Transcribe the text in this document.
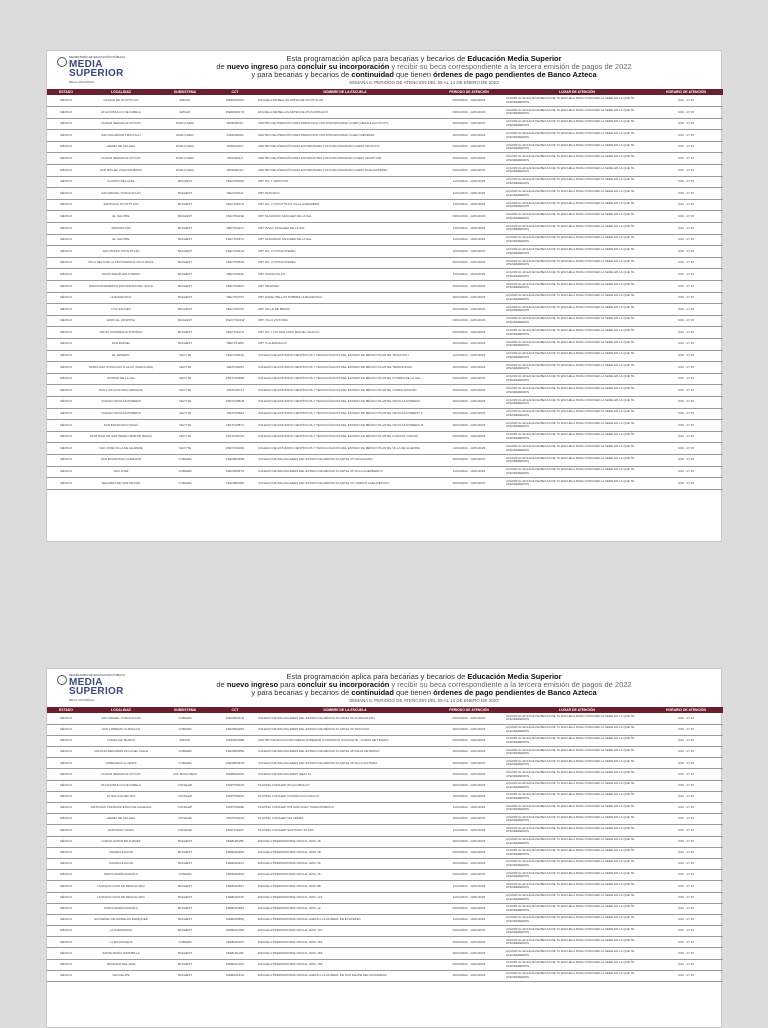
SECRETARÍA DE EDUCACIÓN PÚBLICA
MEDIA
SUPERIOR
BECA UNIVERSAL
Esta programación aplica para becarias y becarios de Educación Media Superior
de nuevo ingreso para concluir su incorporación y recibir su beca correspondiente a la tercera emisión de pagos de 2022
y para becarias y becarios de continuidad que tienen órdenes de pago pendientes de Banco Azteca
SEMANA 6: PERIODO DE ATENCIÓN DEL 09 AL 14 DE ENERO DE 2023
ESTADO	LOCALIDAD	SUBSISTEMA	CCT	NOMBRE DE LA ESCUELA	PERIODO DE ATENCIÓN	LUGAR DE ATENCIÓN	HORARIO DE ATENCIÓN
MÉXICO	CIUDAD DE IXCOTITLAN	EMSAD	15EMS0001O	ESCUELA DE BELLAS ARTES DE IXCOTITLAN	09/01/2023 - 13/01/2023	ACUDIR AL ENLACE DE BECAS DE TU ESCUELA PARA CONOCER LA SEDE EN LA QUE TE ATENDEREMOS	9:00 - 17:15
MÉXICO	ATLACOMULCO DE FABELA	EMSAD	15EMS0017Q	ESCUELA DE BELLAS ARTES DE ATLACOMULCO	09/01/2023 - 13/01/2023	ACUDIR AL ENLACE DE BECAS DE TU ESCUELA PARA CONOCER LA SEDE EN LA QUE TE ATENDEREMOS	9:00 - 17:15
MÉXICO	CIUDAD NEZAHUALCÓYOTL	DGB (CAED)	15DDI0001C	CENTRO DE ATENCIÓN PARA PERSONAS CON DISCAPACIDAD (CAED) NEZAHUALCÓYOTL	09/01/2023 - 13/01/2023	ACUDIR AL ENLACE DE BECAS DE TU ESCUELA PARA CONOCER LA SEDE EN LA QUE TE ATENDEREMOS	9:00 - 17:15
MÉXICO	SAN SALVADOR TIZATLALLI	DGB (CAED)	15DDI0006X	CENTRO DE ATENCIÓN PARA PERSONAS CON DISCAPACIDAD (CAED) METEPEC	09/01/2023 - 13/01/2023	ACUDIR AL ENLACE DE BECAS DE TU ESCUELA PARA CONOCER LA SEDE EN LA QUE TE ATENDEREMOS	9:00 - 17:15
MÉXICO	LERMA DE VILLADA	DGB (CAED)	15DDI0010J	CENTRO DE ATENCIÓN PARA ESTUDIANTES CON DISCAPACIDAD (CAED) CETIS 074	09/01/2023 - 13/01/2023	ACUDIR AL ENLACE DE BECAS DE TU ESCUELA PARA CONOCER LA SEDE EN LA QUE TE ATENDEREMOS	9:00 - 17:15
MÉXICO	CIUDAD NEZAHUALCÓYOTL	DGB (CAED)	15DDI0011I	CENTRO DE ATENCIÓN PARA ESTUDIANTES CON DISCAPACIDAD (CAED) CECATI 096	09/01/2023 - 13/01/2023	ACUDIR AL ENLACE DE BECAS DE TU ESCUELA PARA CONOCER LA SEDE EN LA QUE TE ATENDEREMOS	9:00 - 17:15
MÉXICO	SAN MIGUEL ZINACANTEPEC	DGB (CAED)	15DDI0012H	CENTRO DE ATENCIÓN PARA ESTUDIANTES CON DISCAPACIDAD (CAED) ZINACANTEPEC	09/01/2023 - 13/01/2023	ACUDIR AL ENLACE DE BECAS DE TU ESCUELA PARA CONOCER LA SEDE EN LA QUE TE ATENDEREMOS	9:00 - 17:15
MÉXICO	CUARTO DEL ALBA	BACHEST	15ECT0005A	CBT NO. 1 TEXCOCO	11/01/2023 - 13/01/2023	ACUDIR AL ENLACE DE BECAS DE TU ESCUELA PARA CONOCER LA SEDE EN LA QUE TE ATENDEREMOS	9:00 - 17:15
MÉXICO	SAN MIGUEL XONACATLÁN	BACHEST	15ECT0011L	CBT TEXCOCO	11/01/2023 - 13/01/2023	ACUDIR AL ENLACE DE BECAS DE TU ESCUELA PARA CONOCER LA SEDE EN LA QUE TE ATENDEREMOS	9:00 - 17:15
MÉXICO	SANTIAGO OXTOTITLÁN	BACHEST	15ECT0017G	CBT NO. 2 OXTOTITLÁN VILLA GUERRERO	11/01/2023 - 13/01/2023	ACUDIR AL ENLACE DE BECAS DE TU ESCUELA PARA CONOCER LA SEDE EN LA QUE TE ATENDEREMOS	9:00 - 17:15
MÉXICO	EL SALITRE	BACHEST	15ECT0019E	CBT SALVADOR SÁNCHEZ DE LA SAL	09/01/2023 - 13/01/2023	ACUDIR AL ENLACE DE BECAS DE TU ESCUELA PARA CONOCER LA SEDE EN LA QUE TE ATENDEREMOS	9:00 - 17:15
MÉXICO	ARMADITLÁN	BACHEST	15ECT0021T	CBT ISAAC SÁNCHEZ DE LA SAL	11/01/2023 - 13/01/2023	ACUDIR AL ENLACE DE BECAS DE TU ESCUELA PARA CONOCER LA SEDE EN LA QUE TE ATENDEREMOS	9:00 - 17:15
MÉXICO	EL SALITRE	BACHEST	15ECT0037U	CBT SALVADOR SÁNCHEZ DE LA SAL	11/01/2023 - 13/01/2023	ACUDIR AL ENLACE DE BECAS DE TU ESCUELA PARA CONOCER LA SEDE EN LA QUE TE ATENDEREMOS	9:00 - 17:15
MÉXICO	SAN MATEO OXTOTITLÁN	BACHEST	15ECT0041H	CBT NO. 2 OTZOLOTEPEC	10/01/2023 - 13/01/2023	ACUDIR AL ENLACE DE BECAS DE TU ESCUELA PARA CONOCER LA SEDE EN LA QUE TE ATENDEREMOS	9:00 - 17:15
MÉXICO	VILLA SECA DE LA PROVIDENCIA VILLA NICOL	BACHEST	15ECT0052N	CBT NO. 3 OTZOLOTEPEC	09/01/2023 - 13/01/2023	ACUDIR AL ENLACE DE BECAS DE TU ESCUELA PARA CONOCER LA SEDE EN LA QUE TE ATENDEREMOS	9:00 - 17:15
MÉXICO	SANTA MARÍA ZOLOTEPEC	BACHEST	15ECT0064F	CBT XONACATLÁN	11/01/2023 - 13/01/2023	ACUDIR AL ENLACE DE BECAS DE TU ESCUELA PARA CONOCER LA SEDE EN LA QUE TE ATENDEREMOS	9:00 - 17:15
MÉXICO	FRACCIONAMIENTO ESCONDIDA DEL VALLE	BACHEST	15ECT0069U	CBT TENOSHA	09/01/2023 - 13/01/2023	ACUDIR AL ENLACE DE BECAS DE TU ESCUELA PARA CONOCER LA SEDE EN LA QUE TE ATENDEREMOS	9:00 - 17:15
MÉXICO	HUEHUETOCA	BACHEST	15ECT0073T	CBT ANGEL BELLOS POBRES HUEHUETOCA	09/01/2023 - 13/01/2023	ACUDIR AL ENLACE DE BECAS DE TU ESCUELA PARA CONOCER LA SEDE EN LA QUE TE ATENDEREMOS	9:00 - 17:15
MÉXICO	LOS SAUCES	BACHEST	15ECT0075V	CBT VALLE DE BRAVO	10/01/2023 - 13/01/2023	ACUDIR AL ENLACE DE BECAS DE TU ESCUELA PARA CONOCER LA SEDE EN LA QUE TE ATENDEREMOS	9:00 - 17:15
MÉXICO	EJIDO EL HOSPITAL	BACHEST	15ECT0101W	CBT VILLA VICTORIA	09/01/2023 - 13/01/2023	ACUDIR AL ENLACE DE BECAS DE TU ESCUELA PARA CONOCER LA SEDE EN LA QUE TE ATENDEREMOS	9:00 - 17:15
MÉXICO	SANTA CATARINA AYOTZINGO	BACHEST	15ECT0117O	CBT NO. 1 NO NAN CHIKI MIGUEL CHALCO	09/01/2023 - 13/01/2023	ACUDIR AL ENLACE DE BECAS DE TU ESCUELA PARA CONOCER LA SEDE EN LA QUE TE ATENDEREMOS	9:00 - 17:15
MÉXICO	SAN RAFAEL	BACHEST	15ECT0118Z	CBT TLALMANALCO	09/01/2023 - 13/01/2023	ACUDIR AL ENLACE DE BECAS DE TU ESCUELA PARA CONOCER LA SEDE EN LA QUE TE ATENDEREMOS	9:00 - 17:15
MÉXICO	EL ROSEDO	CECYTE	15ECT0013A	COLEGIO DE ESTUDIOS CIENTÍFICOS Y TECNOLÓGICOS DEL ESTADO DE MÉXICO PLANTEL TEXCOCO I	11/01/2023 - 13/01/2023	ACUDIR AL ENLACE DE BECAS DE TU ESCUELA PARA CONOCER LA SEDE EN LA QUE TE ATENDEREMOS	9:00 - 17:15
MÉXICO	SANTA ANA OTZACUAUTLALCO (SANTA ANA)	CECYTE	15ETC0035J	COLEGIO DE ESTUDIOS CIENTÍFICOS Y TECNOLÓGICOS DEL ESTADO DE MÉXICO PLANTEL TENANCINGO	09/01/2023 - 13/01/2023	ACUDIR AL ENLACE DE BECAS DE TU ESCUELA PARA CONOCER LA SEDE EN LA QUE TE ATENDEREMOS	9:00 - 17:15
MÉXICO	IXTAPAN DE LA SAL	CECYTE	15ETC0038B	COLEGIO DE ESTUDIOS CIENTÍFICOS Y TECNOLÓGICOS DEL ESTADO DE MÉXICO PLANTEL IXTAPAN DE LA SAL	09/01/2023 - 13/01/2023	ACUDIR AL ENLACE DE BECAS DE TU ESCUELA PARA CONOCER LA SEDE EN LA QUE TE ATENDEREMOS	9:00 - 17:15
MÉXICO	SAN LUIS (COLONIA HIDALGO)	CECYTE	15ETC0071J	COLEGIO DE ESTUDIOS CIENTÍFICOS Y TECNOLÓGICOS DEL ESTADO DE MÉXICO PLANTEL CHIMALHUACÁN	09/01/2023 - 13/01/2023	ACUDIR AL ENLACE DE BECAS DE TU ESCUELA PARA CONOCER LA SEDE EN LA QUE TE ATENDEREMOS	9:00 - 17:15
MÉXICO	CIUDAD NICOLÁS ROMERO	CECYTE	15ETC0081M	COLEGIO DE ESTUDIOS CIENTÍFICOS Y TECNOLÓGICOS DEL ESTADO DE MÉXICO PLANTEL NICOLÁS ROMERO	09/01/2023 - 13/01/2023	ACUDIR AL ENLACE DE BECAS DE TU ESCUELA PARA CONOCER LA SEDE EN LA QUE TE ATENDEREMOS	9:00 - 17:15
MÉXICO	CIUDAD NICOLÁS ROMERO	CECYTE	15ETC0082J	COLEGIO DE ESTUDIOS CIENTÍFICOS Y TECNOLÓGICOS DEL ESTADO DE MÉXICO PLANTEL NICOLÁS ROMERO II	09/01/2023 - 13/01/2023	ACUDIR AL ENLACE DE BECAS DE TU ESCUELA PARA CONOCER LA SEDE EN LA QUE TE ATENDEREMOS	9:00 - 17:15
MÉXICO	SAN FRANCISCO MAGÚ	CECYTE	15ETC0087U	COLEGIO DE ESTUDIOS CIENTÍFICOS Y TECNOLÓGICOS DEL ESTADO DE MÉXICO PLANTEL NICOLÁS ROMERO III	09/01/2023 - 13/01/2023	ACUDIR AL ENLACE DE BECAS DE TU ESCUELA PARA CONOCER LA SEDE EN LA QUE TE ATENDEREMOS	9:00 - 17:15
MÉXICO	SANTIAGO DE SAN PEDRO MÁRTIR (BADÚ)	CECYTE	15ETC0107S	COLEGIO DE ESTUDIOS CIENTÍFICOS Y TECNOLÓGICOS DEL ESTADO DE MÉXICO PLANTEL IGNACIO CUEVAS	09/01/2023 - 13/01/2023	ACUDIR AL ENLACE DE BECAS DE TU ESCUELA PARA CONOCER LA SEDE EN LA QUE TE ATENDEREMOS	9:00 - 17:15
MÉXICO	SAN JOSÉ VILLA DE ALLENDE	CECYTE	15ETC0108Q	COLEGIO DE ESTUDIOS CIENTÍFICOS Y TECNOLÓGICOS DEL ESTADO DE MÉXICO PLANTEL VILLA DE ALLENDE	11/01/2023 - 13/01/2023	ACUDIR AL ENLACE DE BECAS DE TU ESCUELA PARA CONOCER LA SEDE EN LA QUE TE ATENDEREMOS	9:00 - 17:15
MÉXICO	SAN FRANCISCO CHIMALPA	COBAEM	15ECB0019B	COLEGIO DE BACHILLERES DEL ESTADO DE MÉXICO PLANTEL 37 NAUCALPAN	09/01/2023 - 13/01/2023	ACUDIR AL ENLACE DE BECAS DE TU ESCUELA PARA CONOCER LA SEDE EN LA QUE TE ATENDEREMOS	9:00 - 17:15
MÉXICO	SAN JOSÉ	COBAEM	15ECB0047N	COLEGIO DE BACHILLERES DEL ESTADO DE MÉXICO PLANTEL 33 VILLA GUERRERO II	11/01/2023 - 13/01/2023	ACUDIR AL ENLACE DE BECAS DE TU ESCUELA PARA CONOCER LA SEDE EN LA QUE TE ATENDEREMOS	9:00 - 17:15
MÉXICO	SEGUNDA DE SAN MIGUEL	COBAEM	15ECB0049Z	COLEGIO DE BACHILLERES DEL ESTADO DE MÉXICO PLANTEL 51 CAMPUS HUEHUETOCA	09/01/2023 - 13/01/2023	ACUDIR AL ENLACE DE BECAS DE TU ESCUELA PARA CONOCER LA SEDE EN LA QUE TE ATENDEREMOS	9:00 - 17:15
SECRETARÍA DE EDUCACIÓN PÚBLICA
MEDIA
SUPERIOR
BECA UNIVERSAL
Esta programación aplica para becarias y becarios de Educación Media Superior
de nuevo ingreso para concluir su incorporación y recibir su beca correspondiente a la tercera emisión de pagos de 2022
y para becarias y becarios de continuidad que tienen órdenes de pago pendientes de Banco Azteca
SEMANA 6: PERIODO DE ATENCIÓN DEL 09 AL 14 DE ENERO DE 2023
ESTADO	LOCALIDAD	SUBSISTEMA	CCT	NOMBRE DE LA ESCUELA	PERIODO DE ATENCIÓN	LUGAR DE ATENCIÓN	HORARIO DE ATENCIÓN
MÉXICO	SAN MIGUEL XONACATLÁN	COBAEM	15ECB0027Q	COLEGIO DE BACHILLERES DEL ESTADO DE MÉXICO PLANTEL 40 XONACATLÁN	09/01/2023 - 13/01/2023	ACUDIR AL ENLACE DE BECAS DE TU ESCUELA PARA CONOCER LA SEDE EN LA QUE TE ATENDEREMOS	9:00 - 17:15
MÉXICO	SAN LORENZO CHIMALCO	COBAEM	15ECB0029S	COLEGIO DE BACHILLERES DEL ESTADO DE MÉXICO PLANTEL 43 TEXCOCO	09/01/2023 - 13/01/2023	ACUDIR AL ENLACE DE BECAS DE TU ESCUELA PARA CONOCER LA SEDE EN LA QUE TE ATENDEREMOS	9:00 - 17:15
MÉXICO	LOMAS DE TEJADO	EMSAD	15EMS0005B	CENTRO DE EDUCACIÓN MEDIA SUPERIOR A DISTANCIA IXCHICHITE - LOMAS DE TEJADO	09/01/2023 - 13/01/2023	ACUDIR AL ENLACE DE BECAS DE TU ESCUELA PARA CONOCER LA SEDE EN LA QUE TE ATENDEREMOS	9:00 - 17:15
MÉXICO	COLONIA REFORMA VILLA DEL VALLE	COBAEM	15ECB0035E	COLEGIO DE BACHILLERES DEL ESTADO DE MÉXICO PLANTEL 48 VALLE DE BRAVO	09/01/2023 - 13/01/2023	ACUDIR AL ENLACE DE BECAS DE TU ESCUELA PARA CONOCER LA SEDE EN LA QUE TE ATENDEREMOS	9:00 - 17:15
MÉXICO	CABECERA LA VENTA	COBAEM	15ECB0037M	COLEGIO DE BACHILLERES DEL ESTADO DE MÉXICO PLANTEL 49 VILLA VICTORIA	09/01/2023 - 13/01/2023	ACUDIR AL ENLACE DE BECAS DE TU ESCUELA PARA CONOCER LA SEDE EN LA QUE TE ATENDEREMOS	9:00 - 17:15
MÉXICO	CIUDAD NEZAHUALCÓYOTL	COL.BACH.NEZA	15EBD0020O	COLEGIO DE BACHILLERES NEZA 12	09/01/2023 - 13/01/2023	ACUDIR AL ENLACE DE BECAS DE TU ESCUELA PARA CONOCER LA SEDE EN LA QUE TE ATENDEREMOS	9:00 - 17:15
MÉXICO	ATLACOMULCO DE FABELA	CONALEP	15DPT0001S	PLANTEL CONALEP ATLACOMULCO	09/01/2023 - 13/01/2023	ACUDIR AL ENLACE DE BECAS DE TU ESCUELA PARA CONOCER LA SEDE EN LA QUE TE ATENDEREMOS	9:00 - 17:15
MÉXICO	JA NOLUTA DEL DIO	CONALEP	15DPT0004A	PLANTEL CONALEP IXTAPALUCA-CHALCO	10/01/2023 - 13/01/2023	ACUDIR AL ENLACE DE BECAS DE TU ESCUELA PARA CONOCER LA SEDE EN LA QUE TE ATENDEREMOS	9:00 - 17:15
MÉXICO	SANTIAGO TIANGUISTENCO DE GALEANA	CONALEP	15DPT0009E	PLANTEL CONALEP 079 SANTIAGO TIANGUISTENCO	11/01/2023 - 13/01/2023	ACUDIR AL ENLACE DE BECAS DE TU ESCUELA PARA CONOCER LA SEDE EN LA QUE TE ATENDEREMOS	9:00 - 17:15
MÉXICO	LERMA DE VILLADA	CONALEP	15DPT0012Z	PLANTEL CONALEP 151 LERMA	10/01/2023 - 13/01/2023	ACUDIR AL ENLACE DE BECAS DE TU ESCUELA PARA CONOCER LA SEDE EN LA QUE TE ATENDEREMOS	9:00 - 17:15
MÉXICO	SANTIAGO TILAPA	CONALEP	15DPT0018C	PLANTEL CONALEP SANTIAGO TILAPA	11/01/2023 - 13/01/2023	ACUDIR AL ENLACE DE BECAS DE TU ESCUELA PARA CONOCER LA SEDE EN LA QUE TE ATENDEREMOS	9:00 - 17:15
MÉXICO	CHICOLOAPAN DE JUÁREZ	BACHEST	15EBH0025F	ESCUELA PREPARATORIA OFICIAL NÚM. 18	09/01/2023 - 13/01/2023	ACUDIR AL ENLACE DE BECAS DE TU ESCUELA PARA CONOCER LA SEDE EN LA QUE TE ATENDEREMOS	9:00 - 17:15
MÉXICO	CHIMALHUACÁN	BACHEST	15EBH0032P	ESCUELA PREPARATORIA OFICIAL NÚM. 28	09/01/2023 - 13/01/2023	ACUDIR AL ENLACE DE BECAS DE TU ESCUELA PARA CONOCER LA SEDE EN LA QUE TE ATENDEREMOS	9:00 - 17:15
MÉXICO	CHIMALHUACÁN	BACHEST	15EBH0041X	ESCUELA PREPARATORIA OFICIAL NÚM. 36	09/01/2023 - 13/01/2023	ACUDIR AL ENLACE DE BECAS DE TU ESCUELA PARA CONOCER LA SEDE EN LA QUE TE ATENDEREMOS	9:00 - 17:15
MÉXICO	SANTA MARÍA MAZATLA	COBAEM	15EBH0046S	ESCUELA PREPARATORIA OFICIAL NÚM. 46	09/01/2023 - 13/01/2023	ACUDIR AL ENLACE DE BECAS DE TU ESCUELA PARA CONOCER LA SEDE EN LA QUE TE ATENDEREMOS	9:00 - 17:15
MÉXICO	HUIXQUILUCAN DE DEGOLLADO	BACHEST	15EBH0069Y	ESCUELA PREPARATORIA OFICIAL NÚM. 88	11/01/2023 - 13/01/2023	ACUDIR AL ENLACE DE BECAS DE TU ESCUELA PARA CONOCER LA SEDE EN LA QUE TE ATENDEREMOS	9:00 - 17:15
MÉXICO	HUIXQUILUCAN DE DEGOLLADO	BACHEST	15EBH0074K	ESCUELA PREPARATORIA OFICIAL NÚM. 121	11/01/2023 - 13/01/2023	ACUDIR AL ENLACE DE BECAS DE TU ESCUELA PARA CONOCER LA SEDE EN LA QUE TE ATENDEREMOS	9:00 - 17:15
MÉXICO	SANTA MARÍA MAZATLA	BACHEST	15EBH0083S	ESCUELA PREPARATORIA OFICIAL NÚM. 42	09/01/2023 - 13/01/2023	ACUDIR AL ENLACE DE BECAS DE TU ESCUELA PARA CONOCER LA SEDE EN LA QUE TE ATENDEREMOS	9:00 - 17:15
MÉXICO	ECATEPEC DE MORELOS ENRÍQUEZ	BACHEST	15EBH0085Q	ESCUELA PREPARATORIA OFICIAL ANEXA A LA NORMAL DE ECATEPEC	11/01/2023 - 13/01/2023	ACUDIR AL ENLACE DE BECAS DE TU ESCUELA PARA CONOCER LA SEDE EN LA QUE TE ATENDEREMOS	9:00 - 17:15
MÉXICO	LA COMUNIDAD	BACHEST	15EBH0108N	ESCUELA PREPARATORIA OFICIAL NÚM. 170	09/01/2023 - 13/01/2023	ACUDIR AL ENLACE DE BECAS DE TU ESCUELA PARA CONOCER LA SEDE EN LA QUE TE ATENDEREMOS	9:00 - 17:15
MÉXICO	LA MAGDALENA	COBAEM	15EBH0118U	ESCUELA PREPARATORIA OFICIAL NÚM. 163	09/01/2023 - 13/01/2023	ACUDIR AL ENLACE DE BECAS DE TU ESCUELA PARA CONOCER LA SEDE EN LA QUE TE ATENDEREMOS	9:00 - 17:15
MÉXICO	SANTA MARÍA OZUMBILLA	BACHEST	15EBH0123F	ESCUELA PREPARATORIA OFICIAL NÚM. 183	09/01/2023 - 13/01/2023	ACUDIR AL ENLACE DE BECAS DE TU ESCUELA PARA CONOCER LA SEDE EN LA QUE TE ATENDEREMOS	9:00 - 17:15
MÉXICO	TENANGO DEL AIRE	BACHEST	15EBH0126C	ESCUELA PREPARATORIA OFICIAL NÚM. 165	09/01/2023 - 13/01/2023	ACUDIR AL ENLACE DE BECAS DE TU ESCUELA PARA CONOCER LA SEDE EN LA QUE TE ATENDEREMOS	9:00 - 17:15
MÉXICO	SAN FELIPE	BACHEST	15EBH0131O	ESCUELA PREPARATORIA OFICIAL ANEXA A LA NORMAL DE SAN FELIPE DEL PROGRESO	09/01/2023 - 13/01/2023	ACUDIR AL ENLACE DE BECAS DE TU ESCUELA PARA CONOCER LA SEDE EN LA QUE TE ATENDEREMOS	9:00 - 17:15
